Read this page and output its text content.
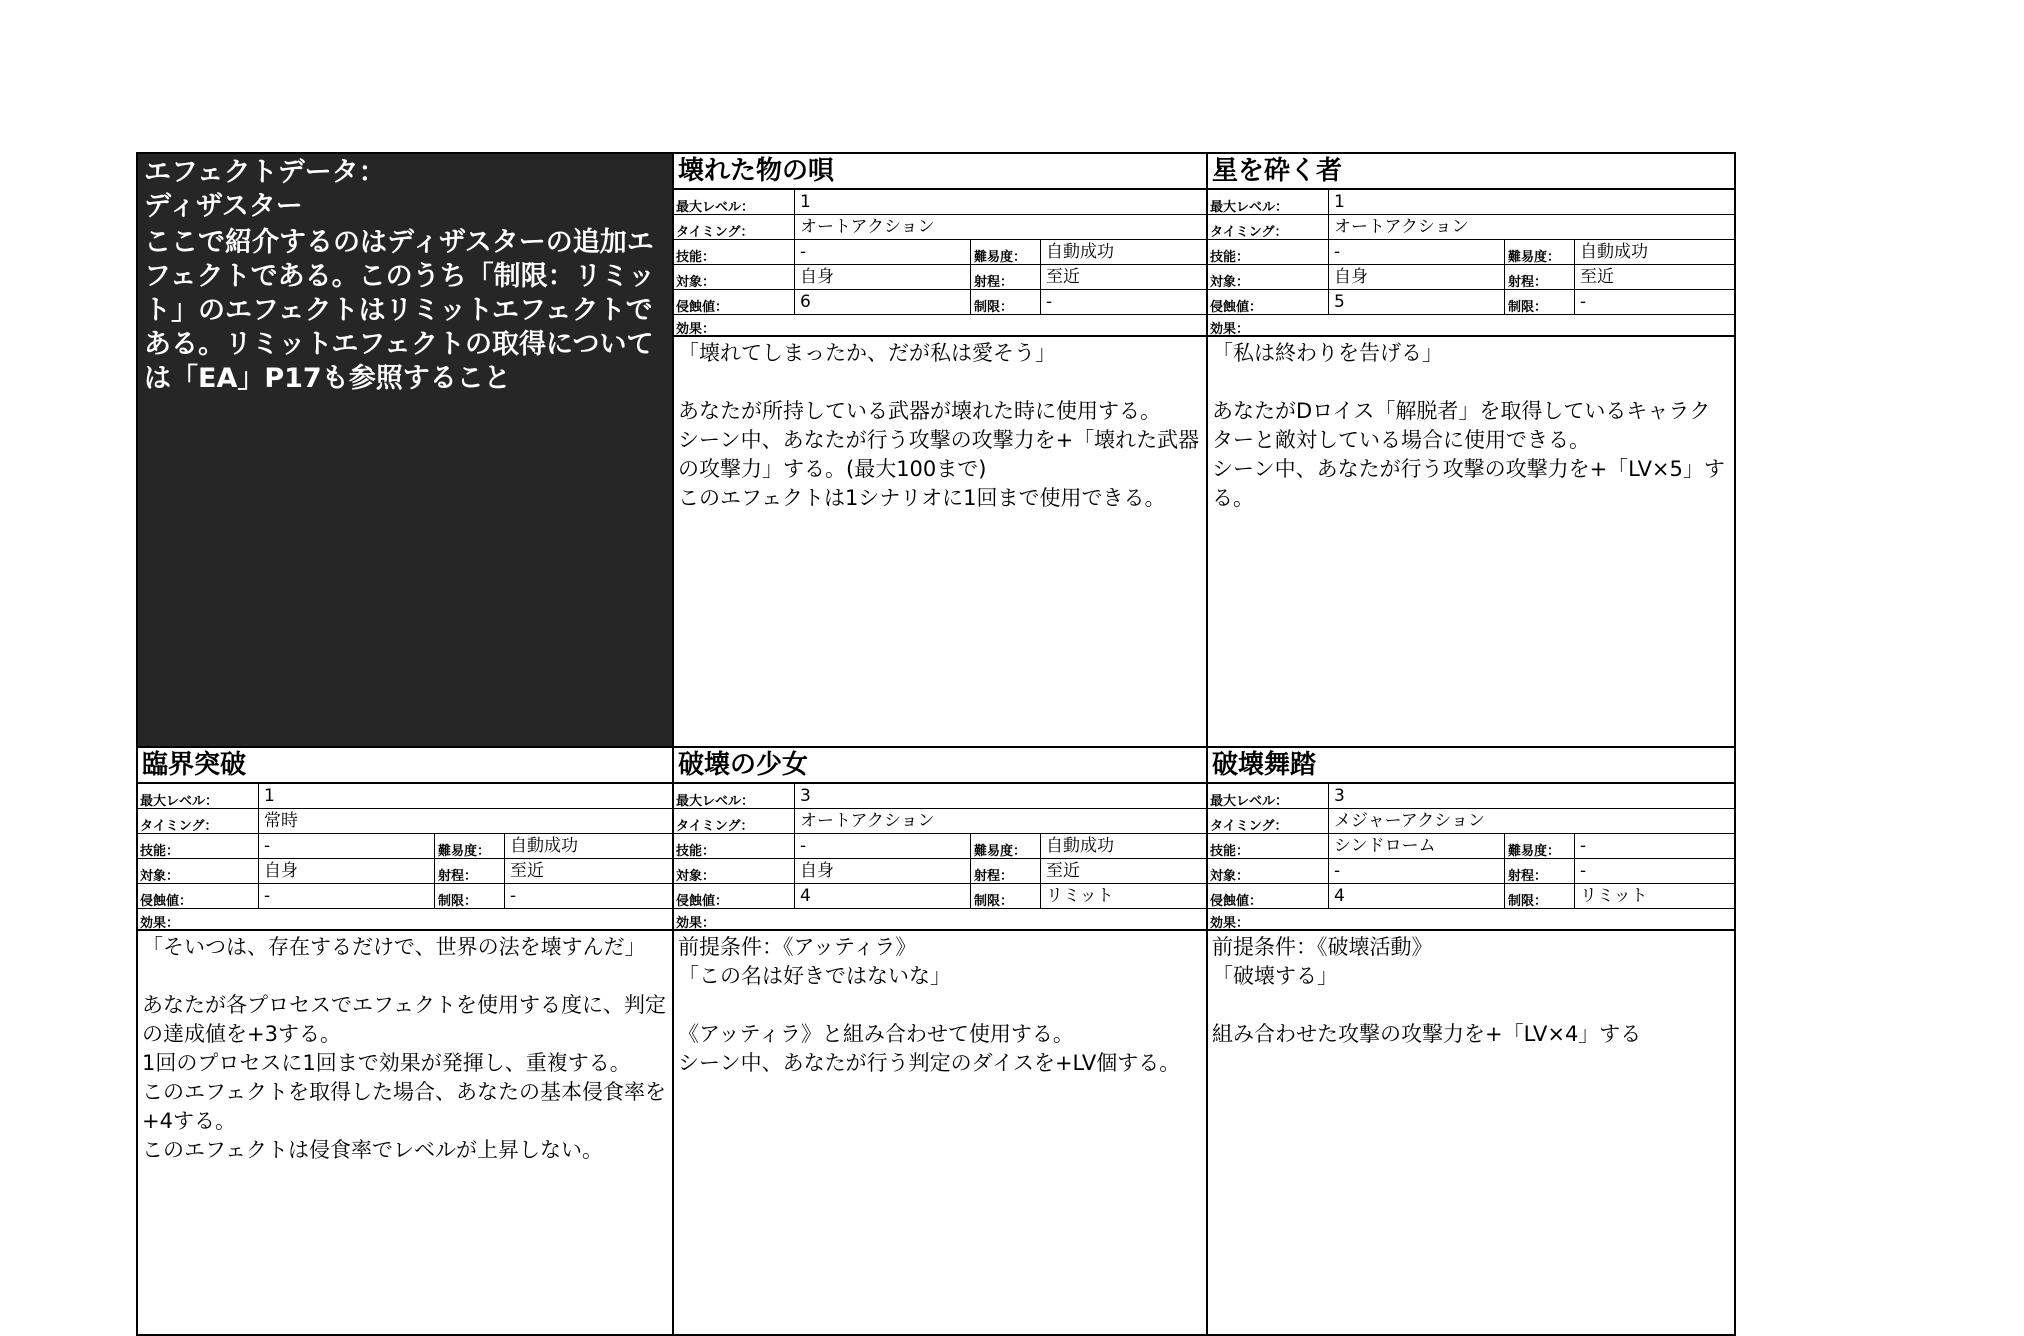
エフェクトデータ：
ディザスター
ここで紹介するのはディザスターの追加エフェクトである。このうち「制限：リミット」のエフェクトはリミットエフェクトである。リミットエフェクトの取得については「EA」P17も参照すること
壊れた物の唄
最大レベル：	1
タイミング：	オートアクション
技能：	-	難易度： 自動成功
対象：	自身	射程： 至近
侵蝕値：	6	制限： -
効果：
「壊れてしまったか、だが私は愛そう」

あなたが所持している武器が壊れた時に使用する。
シーン中、あなたが行う攻撃の攻撃力を+「壊れた武器の攻撃力」する。(最大100まで)
このエフェクトは1シナリオに1回まで使用できる。
星を砕く者
最大レベル：	1
タイミング：	オートアクション
技能：	-	難易度： 自動成功
対象：	自身	射程： 至近
侵蝕値：	5	制限： -
効果：
「私は終わりを告げる」

あなたがDロイス「解脱者」を取得しているキャラクターと敵対している場合に使用できる。
シーン中、あなたが行う攻撃の攻撃力を+「LV×5」する。
臨界突破
最大レベル：	1
タイミング：	常時
技能：	-	難易度： 自動成功
対象：	自身	射程： 至近
侵蝕値：	-	制限： -
効果：
「そいつは、存在するだけで、世界の法を壊すんだ」

あなたが各プロセスでエフェクトを使用する度に、判定の達成値を+3する。
1回のプロセスに1回まで効果が発揮し、重複する。
このエフェクトを取得した場合、あなたの基本侵食率を+4する。
このエフェクトは侵食率でレベルが上昇しない。
破壊の少女
最大レベル：	3
タイミング：	オートアクション
技能：	-	難易度： 自動成功
対象：	自身	射程： 至近
侵蝕値：	4	制限： リミット
効果：
前提条件：《アッティラ》
「この名は好きではないな」

《アッティラ》と組み合わせて使用する。
シーン中、あなたが行う判定のダイスを+LV個する。
破壊舞踏
最大レベル：	3
タイミング：	メジャーアクション
技能：	シンドローム	難易度： -
対象：	-	射程： -
侵蝕値：	4	制限： リミット
効果：
前提条件：《破壊活動》
「破壊する」

組み合わせた攻撃の攻撃力を+「LV×4」する
